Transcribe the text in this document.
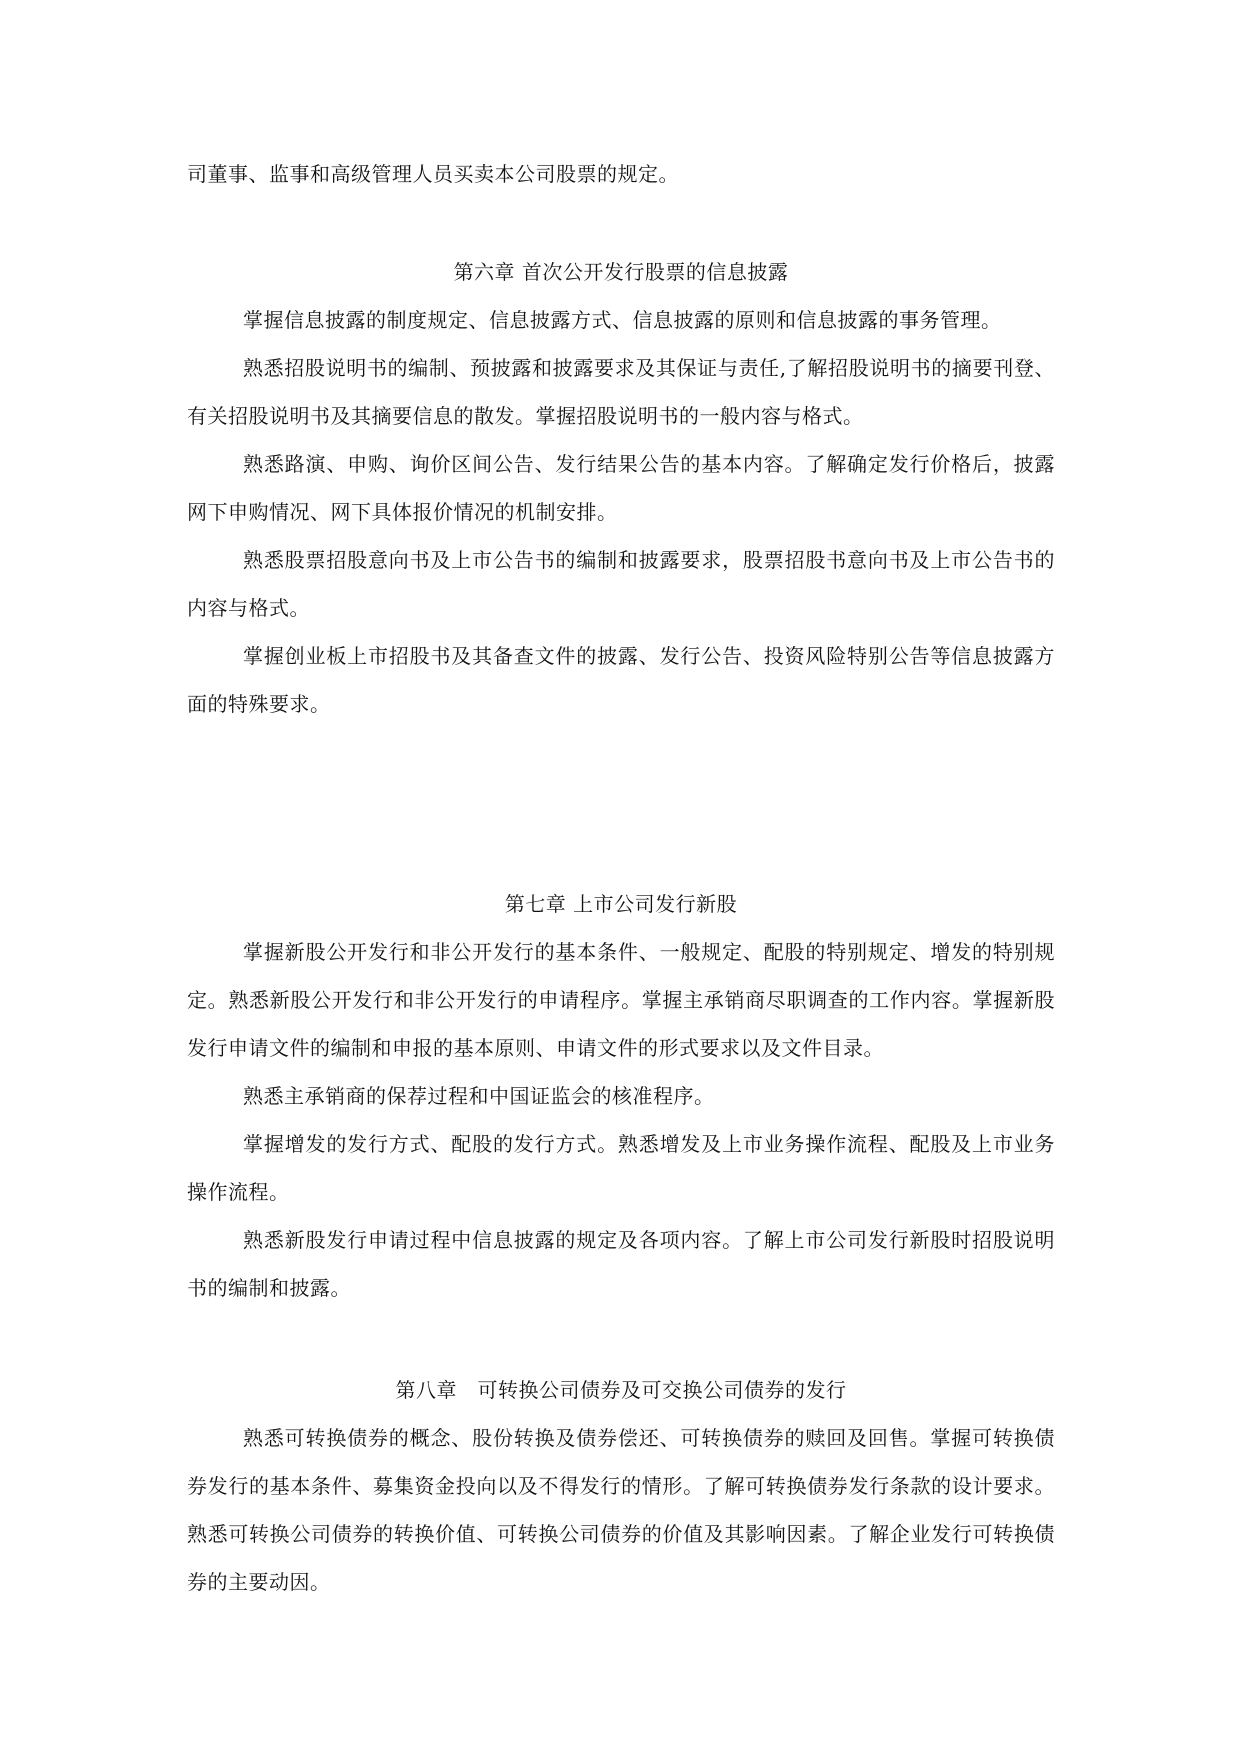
司董事、监事和高级管理人员买卖本公司股票的规定。

第六章 首次公开发行股票的信息披露

掌握信息披露的制度规定、信息披露方式、信息披露的原则和信息披露的事务管理。

熟悉招股说明书的编制、预披露和披露要求及其保证与责任,了解招股说明书的摘要刊登、有关招股说明书及其摘要信息的散发。掌握招股说明书的一般内容与格式。

熟悉路演、申购、询价区间公告、发行结果公告的基本内容。了解确定发行价格后，披露网下申购情况、网下具体报价情况的机制安排。

熟悉股票招股意向书及上市公告书的编制和披露要求，股票招股书意向书及上市公告书的内容与格式。

掌握创业板上市招股书及其备查文件的披露、发行公告、投资风险特别公告等信息披露方面的特殊要求。

第七章 上市公司发行新股

掌握新股公开发行和非公开发行的基本条件、一般规定、配股的特别规定、增发的特别规定。熟悉新股公开发行和非公开发行的申请程序。掌握主承销商尽职调查的工作内容。掌握新股发行申请文件的编制和申报的基本原则、申请文件的形式要求以及文件目录。

熟悉主承销商的保荐过程和中国证监会的核准程序。

掌握增发的发行方式、配股的发行方式。熟悉增发及上市业务操作流程、配股及上市业务操作流程。

熟悉新股发行申请过程中信息披露的规定及各项内容。了解上市公司发行新股时招股说明书的编制和披露。

第八章　可转换公司债券及可交换公司债券的发行

熟悉可转换债券的概念、股份转换及债券偿还、可转换债券的赎回及回售。掌握可转换债券发行的基本条件、募集资金投向以及不得发行的情形。了解可转换债券发行条款的设计要求。熟悉可转换公司债券的转换价值、可转换公司债券的价值及其影响因素。了解企业发行可转换债券的主要动因。
